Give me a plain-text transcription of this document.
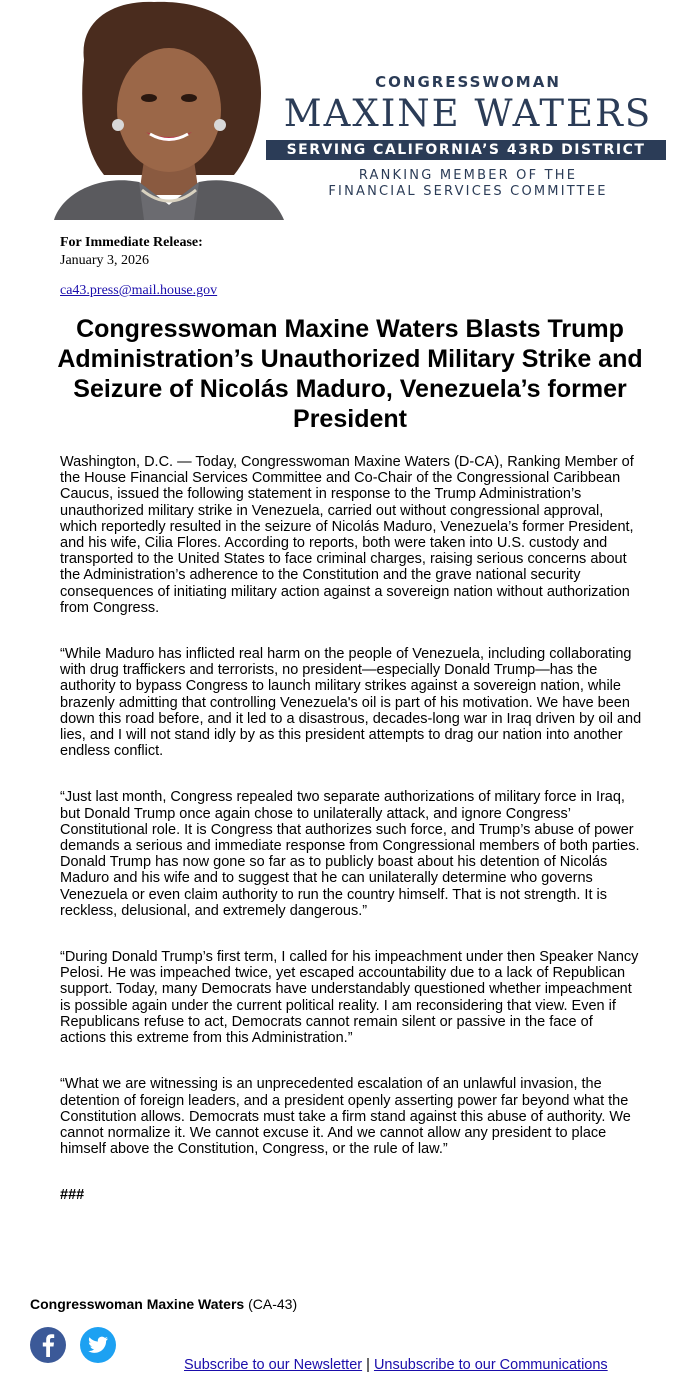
CONGRESSWOMAN
MAXINE WATERS
SERVING CALIFORNIA’S 43RD DISTRICT
RANKING MEMBER OF THE
FINANCIAL SERVICES COMMITTEE
For Immediate Release:
January 3, 2026
ca43.press@mail.house.gov
Congresswoman Maxine Waters Blasts Trump Administration’s Unauthorized Military Strike and Seizure of Nicolás Maduro, Venezuela’s former President

Washington, D.C. — Today, Congresswoman Maxine Waters (D-CA), Ranking Member of the House Financial Services Committee and Co-Chair of the Congressional Caribbean Caucus, issued the following statement in response to the Trump Administration’s unauthorized military strike in Venezuela, carried out without congressional approval, which reportedly resulted in the seizure of Nicolás Maduro, Venezuela’s former President, and his wife, Cilia Flores. According to reports, both were taken into U.S. custody and transported to the United States to face criminal charges, raising serious concerns about the Administration’s adherence to the Constitution and the grave national security consequences of initiating military action against a sovereign nation without authorization from Congress.

“While Maduro has inflicted real harm on the people of Venezuela, including collaborating with drug traffickers and terrorists, no president—especially Donald Trump—has the authority to bypass Congress to launch military strikes against a sovereign nation, while brazenly admitting that controlling Venezuela's oil is part of his motivation. We have been down this road before, and it led to a disastrous, decades-long war in Iraq driven by oil and lies, and I will not stand idly by as this president attempts to drag our nation into another endless conflict.

“Just last month, Congress repealed two separate authorizations of military force in Iraq, but Donald Trump once again chose to unilaterally attack, and ignore Congress’ Constitutional role. It is Congress that authorizes such force, and Trump’s abuse of power demands a serious and immediate response from Congressional members of both parties. Donald Trump has now gone so far as to publicly boast about his detention of Nicolás Maduro and his wife and to suggest that he can unilaterally determine who governs Venezuela or even claim authority to run the country himself. That is not strength. It is reckless, delusional, and extremely dangerous.”

“During Donald Trump’s first term, I called for his impeachment under then Speaker Nancy Pelosi. He was impeached twice, yet escaped accountability due to a lack of Republican support. Today, many Democrats have understandably questioned whether impeachment is possible again under the current political reality. I am reconsidering that view. Even if Republicans refuse to act, Democrats cannot remain silent or passive in the face of actions this extreme from this Administration.”

“What we are witnessing is an unprecedented escalation of an unlawful invasion, the detention of foreign leaders, and a president openly asserting power far beyond what the Constitution allows. Democrats must take a firm stand against this abuse of authority. We cannot normalize it. We cannot excuse it. And we cannot allow any president to place himself above the Constitution, Congress, or the rule of law.”

###
Congresswoman Maxine Waters (CA-43)
Subscribe to our Newsletter | Unsubscribe to our Communications
